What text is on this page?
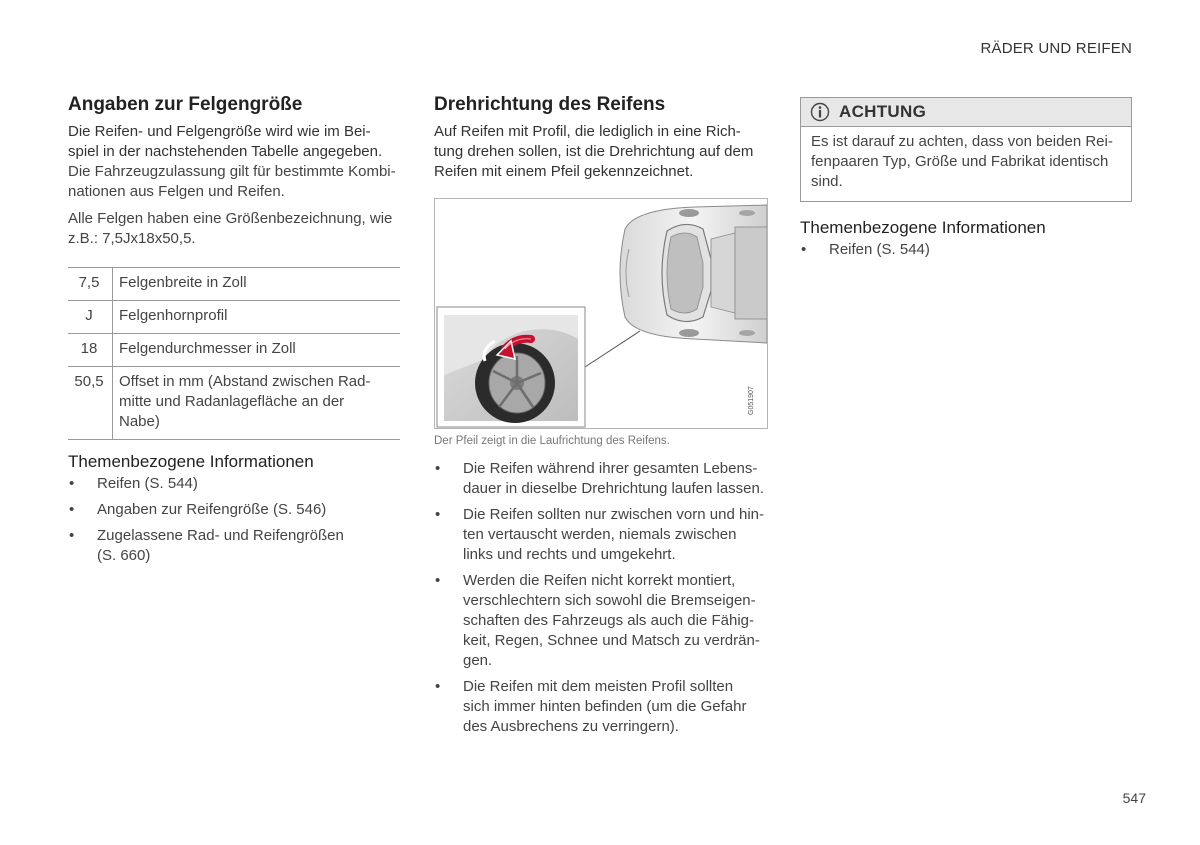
RÄDER UND REIFEN
547
Angaben zur Felgengröße

Die Reifen- und Felgengröße wird wie im Bei-
spiel in der nachstehenden Tabelle angegeben.

Die Fahrzeugzulassung gilt für bestimmte Kombi-
nationen aus Felgen und Reifen.

Alle Felgen haben eine Größenbezeichnung, wie
z.B.: 7,5Jx18x50,5.

7,5	Felgenbreite in Zoll
J	Felgenhornprofil
18	Felgendurchmesser in Zoll
50,5	Offset in mm (Abstand zwischen Rad-
mitte und Radanlagefläche an der
Nabe)
Themenbezogene Informationen
• Reifen (S. 544)
• Angaben zur Reifengröße (S. 546)
• Zugelassene Rad- und Reifengrößen
(S. 660)
Drehrichtung des Reifens

Auf Reifen mit Profil, die lediglich in eine Rich-
tung drehen sollen, ist die Drehrichtung auf dem
Reifen mit einem Pfeil gekennzeichnet.

G051907
Der Pfeil zeigt in die Laufrichtung des Reifens.
• Die Reifen während ihrer gesamten Lebens-
dauer in dieselbe Drehrichtung laufen lassen.
• Die Reifen sollten nur zwischen vorn und hin-
ten vertauscht werden, niemals zwischen
links und rechts und umgekehrt.
• Werden die Reifen nicht korrekt montiert,
verschlechtern sich sowohl die Bremseigen-
schaften des Fahrzeugs als auch die Fähig-
keit, Regen, Schnee und Matsch zu verdrän-
gen.
• Die Reifen mit dem meisten Profil sollten
sich immer hinten befinden (um die Gefahr
des Ausbrechens zu verringern).
ACHTUNG
Es ist darauf zu achten, dass von beiden Rei-
fenpaaren Typ, Größe und Fabrikat identisch
sind.
Themenbezogene Informationen
• Reifen (S. 544)
